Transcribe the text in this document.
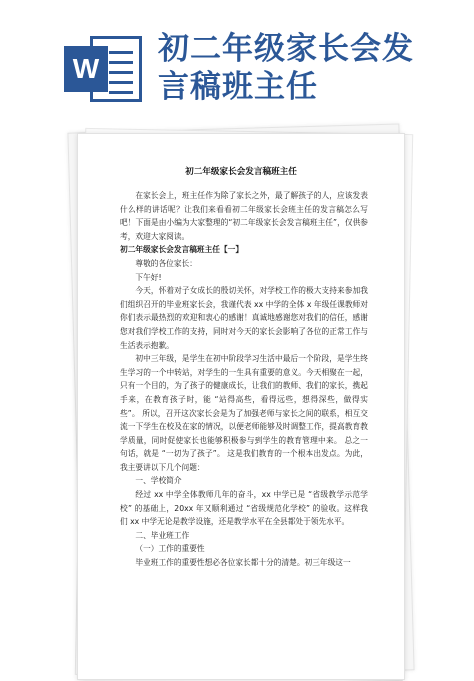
W
初二年级家长会发
言稿班主任
初二年级家长会发言稿班主任

在家长会上，班主任作为除了家长之外，最了解孩子的人，应该发表什么样的讲话呢？让我们来看看初二年级家长会班主任的发言稿怎么写吧！下面是由小编为大家整理的“初二年级家长会发言稿班主任”，仅供参考，欢迎大家阅读。

初二年级家长会发言稿班主任【一】

尊敬的各位家长：

下午好!

今天，怀着对子女成长的殷切关怀，对学校工作的极大支持来参加我们组织召开的毕业班家长会，我谨代表 xx 中学的全体 x 年级任课教师对你们表示最热烈的欢迎和衷心的感谢！真诚地感谢您对我们的信任，感谢您对我们学校工作的支持，同时对今天的家长会影响了各位的正常工作与生活表示抱歉。

初中三年级，是学生在初中阶段学习生活中最后一个阶段，是学生终生学习的一个中转站，对学生的一生具有重要的意义。今天相聚在一起，只有一个目的，为了孩子的健康成长，让我们的教师、我们的家长，携起手来，在教育孩子时，能 “站得高些，看得远些，想得深些，做得实些”。 所以，召开这次家长会是为了加强老师与家长之间的联系，相互交流一下学生在校及在家的情况，以便老师能够及时调整工作，提高教育教学质量，同时促使家长也能够积极参与到学生的教育管理中来。 总之一句话，就是 “一切为了孩子”。 这是我们教育的一个根本出发点。为此，我主要讲以下几个问题：

一、学校简介

经过 xx 中学全体教师几年的奋斗，xx 中学已是 “省级教学示范学校” 的基础上，20xx 年又顺利通过 “省级规范化学校” 的验收。这样我们 xx 中学无论是教学设施，还是教学水平在全县都处于领先水平。

二、毕业班工作

（一）工作的重要性

毕业班工作的重要性想必各位家长都十分的清楚。初三年级这一
